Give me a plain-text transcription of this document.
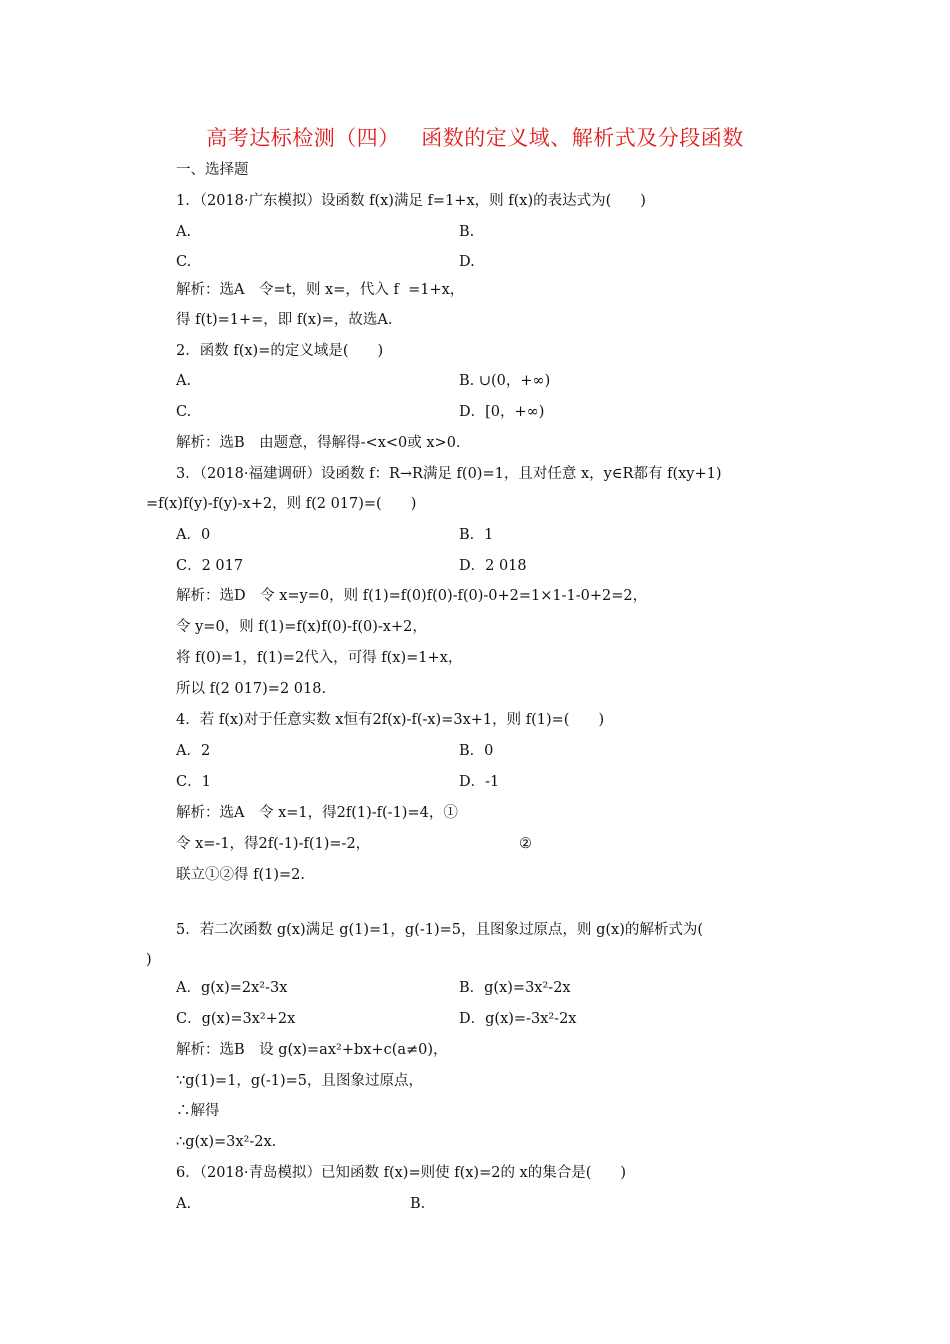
高考达标检测（四）   函数的定义域、解析式及分段函数
一、选择题
1．（2018·广东模拟）设函数 f(x)满足 f=1+x，则 f(x)的表达式为(　　)
A.	B.
C.	D.
解析：选A　令=t，则 x=，代入 f  =1+x，
得 f(t)=1+=，即 f(x)=，故选A.
2．函数 f(x)=的定义域是(　　)
A.	B. ∪(0，+∞)
C.	D．[0，+∞)
解析：选B　由题意，得解得-<x<0或 x>0.
3．（2018·福建调研）设函数 f：R→R满足 f(0)=1，且对任意 x，y∈R都有 f(xy+1)
=f(x)f(y)-f(y)-x+2，则 f(2 017)=(　　)
A．0	B．1
C．2 017	D．2 018
解析：选D　令 x=y=0，则 f(1)=f(0)f(0)-f(0)-0+2=1×1-1-0+2=2，
令 y=0，则 f(1)=f(x)f(0)-f(0)-x+2，
将 f(0)=1，f(1)=2代入，可得 f(x)=1+x，
所以 f(2 017)=2 018.
4．若 f(x)对于任意实数 x恒有2f(x)-f(-x)=3x+1，则 f(1)=(　　)
A．2	B．0
C．1	D．-1
解析：选A　令 x=1，得2f(1)-f(-1)=4，①
令 x=-1，得2f(-1)-f(1)=-2，	②
联立①②得 f(1)=2.
5．若二次函数 g(x)满足 g(1)=1，g(-1)=5，且图象过原点，则 g(x)的解析式为(
)
A．g(x)=2x²-3x	B．g(x)=3x²-2x
C．g(x)=3x²+2x	D．g(x)=-3x²-2x
解析：选B　设 g(x)=ax²+bx+c(a≠0)，
∵g(1)=1，g(-1)=5，且图象过原点，
∴解得
∴g(x)=3x²-2x.
6．（2018·青岛模拟）已知函数 f(x)=则使 f(x)=2的 x的集合是(　　)
A.	B.
